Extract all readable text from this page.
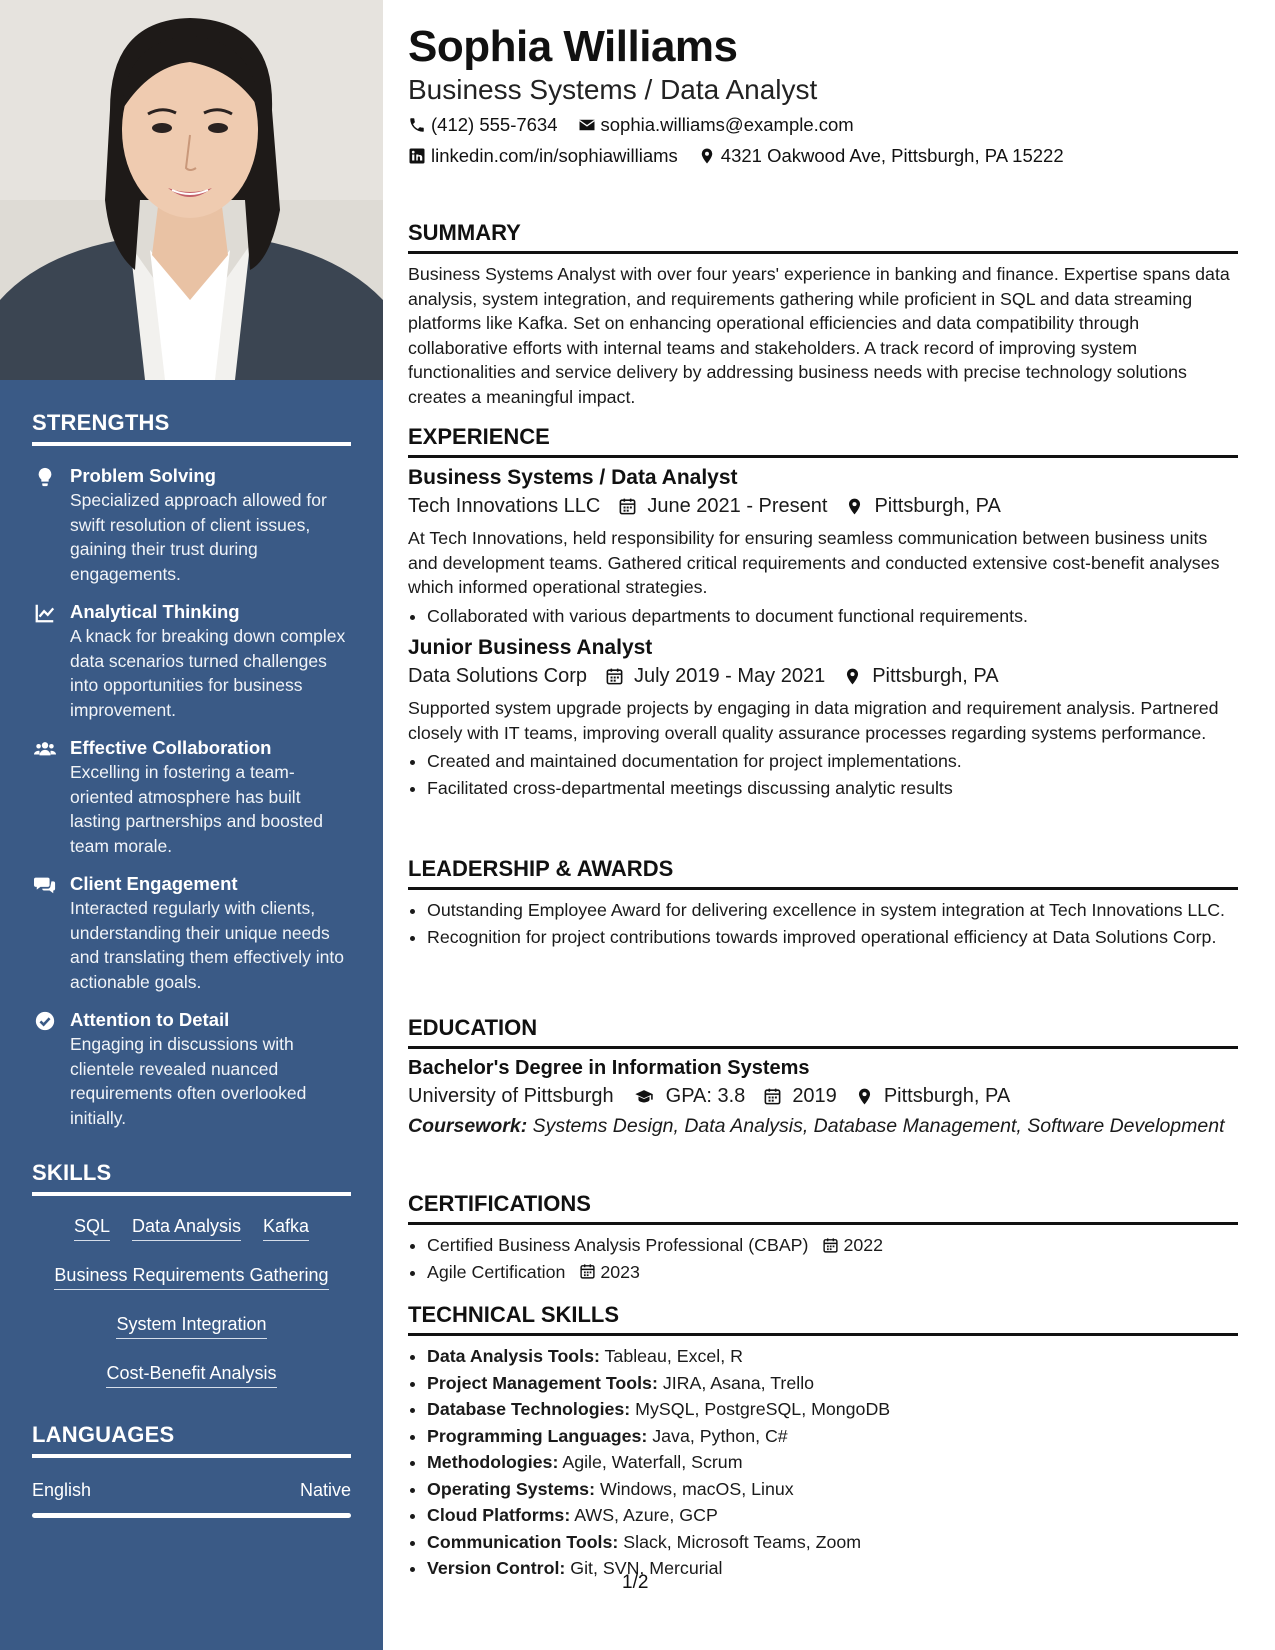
STRENGTHS
Problem Solving
Specialized approach allowed for swift resolution of client issues, gaining their trust during engagements.
Analytical Thinking
A knack for breaking down complex data scenarios turned challenges into opportunities for business improvement.
Effective Collaboration
Excelling in fostering a team-oriented atmosphere has built lasting partnerships and boosted team morale.
Client Engagement
Interacted regularly with clients, understanding their unique needs and translating them effectively into actionable goals.
Attention to Detail
Engaging in discussions with clientele revealed nuanced requirements often overlooked initially.
SKILLS
SQL Data Analysis Kafka
Business Requirements Gathering
System Integration
Cost-Benefit Analysis
LANGUAGES
English	Native
Sophia Williams
Business Systems / Data Analyst
(412) 555-7634 sophia.williams@example.com
linkedin.com/in/sophiawilliams 4321 Oakwood Ave, Pittsburgh, PA 15222
SUMMARY
Business Systems Analyst with over four years' experience in banking and finance. Expertise spans data analysis, system integration, and requirements gathering while proficient in SQL and data streaming platforms like Kafka. Set on enhancing operational efficiencies and data compatibility through collaborative efforts with internal teams and stakeholders. A track record of improving system functionalities and service delivery by addressing business needs with precise technology solutions creates a meaningful impact.
EXPERIENCE
Business Systems / Data Analyst
Tech Innovations LLC June 2021 - Present Pittsburgh, PA
At Tech Innovations, held responsibility for ensuring seamless communication between business units and development teams. Gathered critical requirements and conducted extensive cost-benefit analyses which informed operational strategies.
• Collaborated with various departments to document functional requirements.
Junior Business Analyst
Data Solutions Corp July 2019 - May 2021 Pittsburgh, PA
Supported system upgrade projects by engaging in data migration and requirement analysis. Partnered closely with IT teams, improving overall quality assurance processes regarding systems performance.
• Created and maintained documentation for project implementations.
• Facilitated cross-departmental meetings discussing analytic results
LEADERSHIP & AWARDS
• Outstanding Employee Award for delivering excellence in system integration at Tech Innovations LLC.
• Recognition for project contributions towards improved operational efficiency at Data Solutions Corp.
EDUCATION
Bachelor's Degree in Information Systems
University of Pittsburgh	GPA: 3.8 2019 Pittsburgh, PA
Coursework: Systems Design, Data Analysis, Database Management, Software Development
CERTIFICATIONS
• Certified Business Analysis Professional (CBAP) 2022
• Agile Certification 2023
TECHNICAL SKILLS
• Data Analysis Tools: Tableau, Excel, R
• Project Management Tools: JIRA, Asana, Trello
• Database Technologies: MySQL, PostgreSQL, MongoDB
• Programming Languages: Java, Python, C#
• Methodologies: Agile, Waterfall, Scrum
• Operating Systems: Windows, macOS, Linux
• Cloud Platforms: AWS, Azure, GCP
• Communication Tools: Slack, Microsoft Teams, Zoom
• Version Control: Git, SVN, Mercurial
1/2
